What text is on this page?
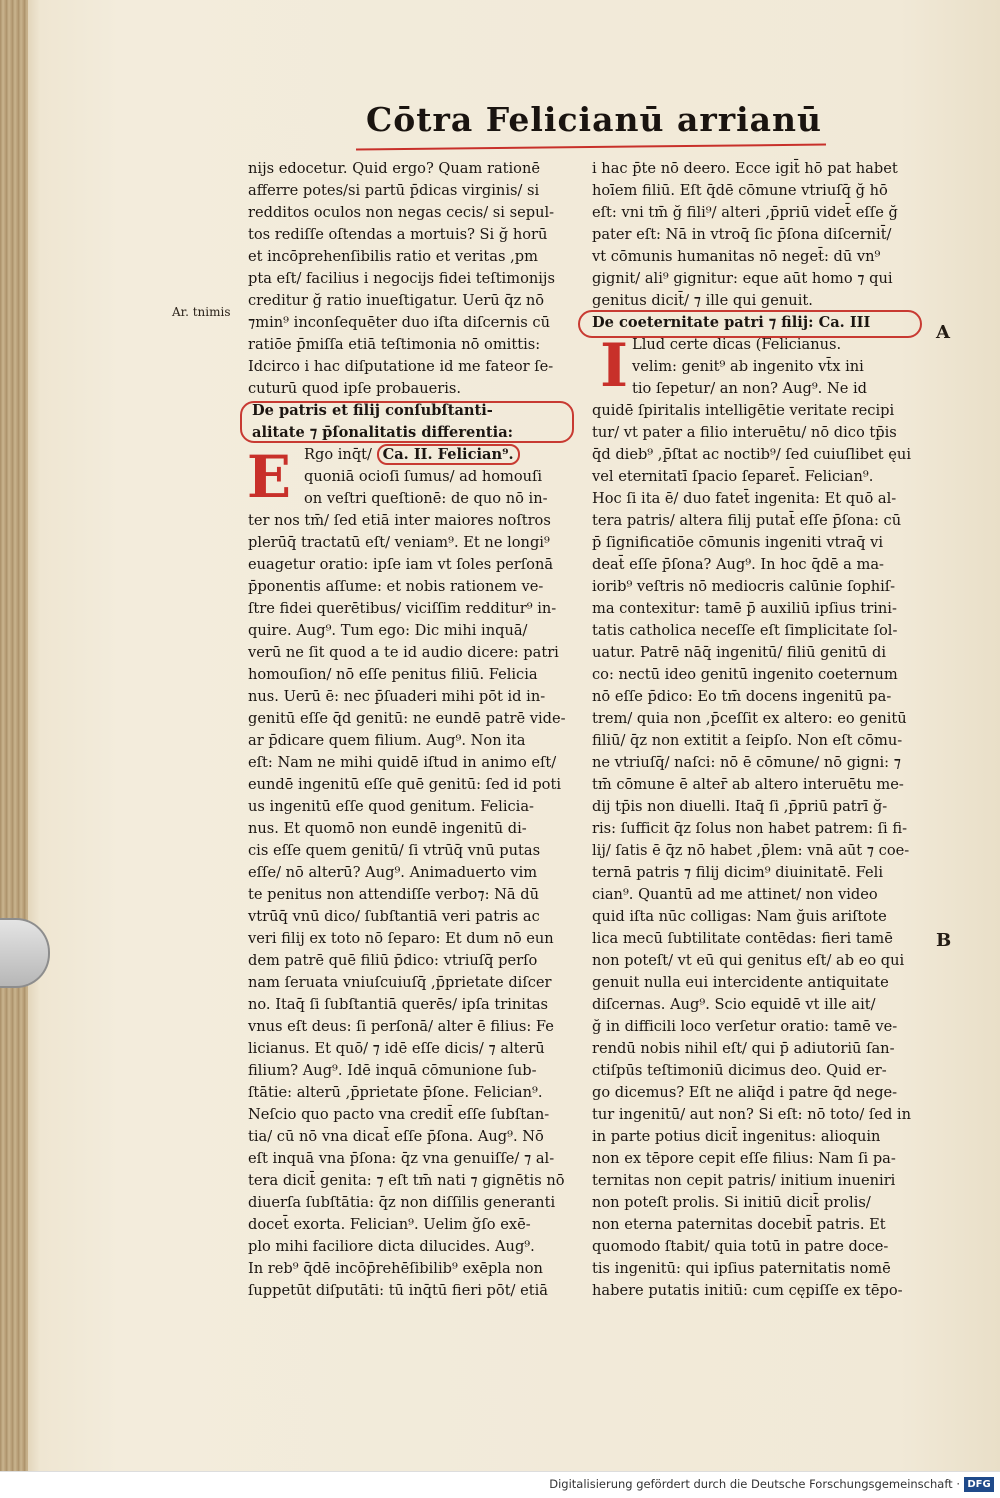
Cōtra Felicianū arrianū
Ar. tnimis
A
B
nijs edocetur. Quid ergo? Quam rationē
afferre potes/si partū p̄dicas virginis/ si
redditos oculos non negas cecis/ si sepul-
tos rediſſe oſtendas a mortuis? Si ğ horū
et incōprehenſibilis ratio et veritas ,pm
pta eſt/ facilius i negocijs fidei teſtimonijs
creditur ğ ratio inueſtigatur. Uerū q̄z nō
⁊min⁹ inconſequēter duo iſta diſcernis cū
ratiōe p̄miſſa etiā teſtimonia nō omittis:
Idcirco i hac diſputatione id me fateor ſe-
cuturū quod ipſe probaueris.
De patris et filij conſubſtanti-
alitate ⁊ p̄ſonalitatis differentia:
E Rgo inq̄t/ Ca. II. Felician⁹.
quoniā ocioſi ſumus/ ad homouſi
on veſtri queſtionē: de quo nō in-
ter nos tm̄/ ſed etiā inter maiores noſtros
plerūq̄ tractatū eſt/ veniam⁹. Et ne longi⁹
euagetur oratio: ipſe iam vt ſoles perſonā
p̄ponentis aſſume: et nobis rationem ve-
ſtre fidei querētibus/ viciſſim redditur⁹ in-
quire. Aug⁹. Tum ego: Dic mihi inquā/
verū ne ſit quod a te id audio dicere: patri
homouſion/ nō eſſe penitus filiū. Felicia
nus. Uerū ē: nec p̄ſuaderi mihi pōt id in-
genitū eſſe q̄d genitū: ne eundē patrē vide-
ar p̄dicare quem filium. Aug⁹. Non ita
eſt: Nam ne mihi quidē iſtud in animo eſt/
eundē ingenitū eſſe quē genitū: ſed id poti
us ingenitū eſſe quod genitum. Felicia-
nus. Et quomō non eundē ingenitū di-
cis eſſe quem genitū/ ſi vtrūq̄ vnū putas
eſſe/ nō alterū? Aug⁹. Animaduerto vim
te penitus non attendiſſe verbo⁊: Nā dū
vtrūq̄ vnū dico/ ſubſtantiā veri patris ac
veri filij ex toto nō ſeparo: Et dum nō eun
dem patrē quē filiū p̄dico: vtriuſq̄ perſo
nam ſeruata vniuſcuiuſq̄ ,p̄prietate diſcer
no. Itaq̄ ſi ſubſtantiā querēs/ ipſa trinitas
vnus eſt deus: ſi perſonā/ alter ē filius: Fe
licianus. Et quō/ ⁊ idē eſſe dicis/ ⁊ alterū
filium? Aug⁹. Idē inquā cōmunione ſub-
ſtātie: alterū ,p̄prietate p̄ſone. Felician⁹.
Neſcio quo pacto vna credit̄ eſſe ſubſtan-
tia/ cū nō vna dicat̄ eſſe p̄ſona. Aug⁹. Nō
eſt inquā vna p̄ſona: q̄z vna genuiſſe/ ⁊ al-
tera dicit̄ genita: ⁊ eſt tm̄ nati ⁊ gignētis nō
diuerſa ſubſtātia: q̄z non diſſilis generanti
docet̄ exorta. Felician⁹. Uelim ğſo exē-
plo mihi faciliore dicta dilucides. Aug⁹.
In reb⁹ q̄dē incōp̄rehēſibilib⁹ exēpla non
ſuppetūt diſputāti: tū inq̄tū fieri pōt/ etiā
i hac p̄te nō deero. Ecce igit̄ hō pat habet
hoīem filiū. Eſt q̄dē cōmune vtriuſq̄ ğ hō
eſt: vni tm̄ ğ fili⁹/ alteri ,p̄priū videt̄ eſſe ğ
pater eſt: Nā in vtroq̄ ſic p̄ſona diſcernit̄/
vt cōmunis humanitas nō neget̄: dū vn⁹
gignit/ ali⁹ gignitur: eque aūt homo ⁊ qui
genitus dicit̄/ ⁊ ille qui genuit.
De coeternitate patri ⁊ filij: Ca. III
I Llud certe dicas (Felicianus.
velim: genit⁹ ab ingenito vt̄x ini
tio ſepetur/ an non? Aug⁹. Ne id
quidē ſpiritalis intelligētie veritate recipi
tur/ vt pater a filio interuētu/ nō dico tp̄is
q̄d dieb⁹ ,p̄ſtat ac noctib⁹/ ſed cuiuſlibet ęui
vel eternitatī ſpacio ſeparet̄. Felician⁹.
Hoc ſi ita ē/ duo fatet̄ ingenita: Et quō al-
tera patris/ altera filij putat̄ eſſe p̄ſona: cū
p̄ ſignificatiōe cōmunis ingeniti vtraq̄ vi
deat̄ eſſe p̄ſona? Aug⁹. In hoc q̄dē a ma-
iorib⁹ veſtris nō mediocris calūnie ſophiſ-
ma contexitur: tamē p̄ auxiliū ipſius trini-
tatis catholica neceſſe eſt ſimplicitate ſol-
uatur. Patrē nāq̄ ingenitū/ filiū genitū di
co: nectū ideo genitū ingenito coeternum
nō eſſe p̄dico: Eo tm̄ docens ingenitū pa-
trem/ quia non ,p̄ceſſit ex altero: eo genitū
filiū/ q̄z non extitit a ſeipſo. Non eſt cōmu-
ne vtriuſq̄/ naſci: nō ē cōmune/ nō gigni: ⁊
tm̄ cōmune ē alter̄ ab altero interuētu me-
dij tp̄is non diuelli. Itaq̄ ſi ,p̄priū patrī ğ-
ris: ſufficit q̄z ſolus non habet patrem: ſi fi-
lij/ ſatis ē q̄z nō habet ,p̄lem: vnā aūt ⁊ coe-
ternā patris ⁊ filij dicim⁹ diuinitatē. Feli
cian⁹. Quantū ad me attinet/ non video
quid iſta nūc colligas: Nam ğuis ariſtote
lica mecū ſubtilitate contēdas: fieri tamē
non poteſt/ vt eū qui genitus eſt/ ab eo qui
genuit nulla eui intercidente antiquitate
diſcernas. Aug⁹. Scio equidē vt ille ait/
ğ in difficili loco verſetur oratio: tamē ve-
rendū nobis nihil eſt/ qui p̄ adiutoriū ſan-
ctiſpūs teſtimoniū dicimus deo. Quid er-
go dicemus? Eſt ne aliq̄d i patre q̄d nege-
tur ingenitū/ aut non? Si eſt: nō toto/ ſed in
in parte potius dicit̄ ingenitus: alioquin
non ex tēpore cepit eſſe filius: Nam ſi pa-
ternitas non cepit patris/ initium inueniri
non poteſt prolis. Si initiū dicit̄ prolis/
non eterna paternitas docebit̄ patris. Et
quomodo ſtabit/ quia totū in patre doce-
tis ingenitū: qui ipſius paternitatis nomē
habere putatis initiū: cum cępiſſe ex tēpo-
Digitalisierung gefördert durch die Deutsche Forschungsgemeinschaft · DFG
